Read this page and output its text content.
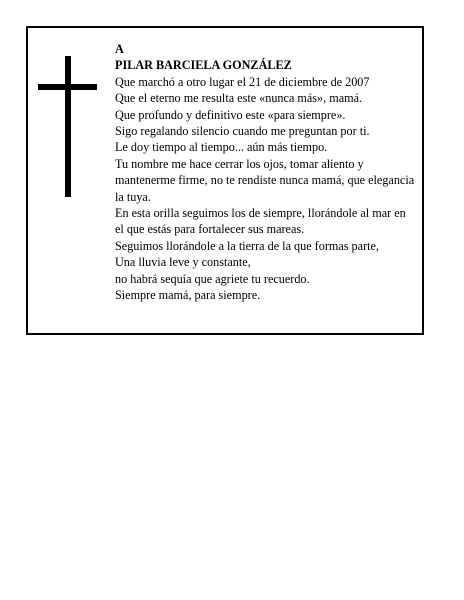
A
PILAR BARCIELA GONZÁLEZ
Que marchó a otro lugar el 21 de diciembre de 2007
Que el eterno me resulta este «nunca más», mamá.
Que profundo y definitivo este «para siempre».
Sigo regalando silencio cuando me preguntan por ti.
Le doy tiempo al tiempo... aún más tiempo.
Tu nombre me hace cerrar los ojos, tomar aliento y mantenerme firme, no te rendiste nunca mamá, que elegancia la tuya.
En esta orilla seguimos los de siempre, llorándole al mar en el que estás para fortalecer sus mareas.
Seguimos llorándole a la tierra de la que formas parte,
Una lluvia leve y constante,
no habrá sequía que agriete tu recuerdo.
Siempre mamá, para siempre.
